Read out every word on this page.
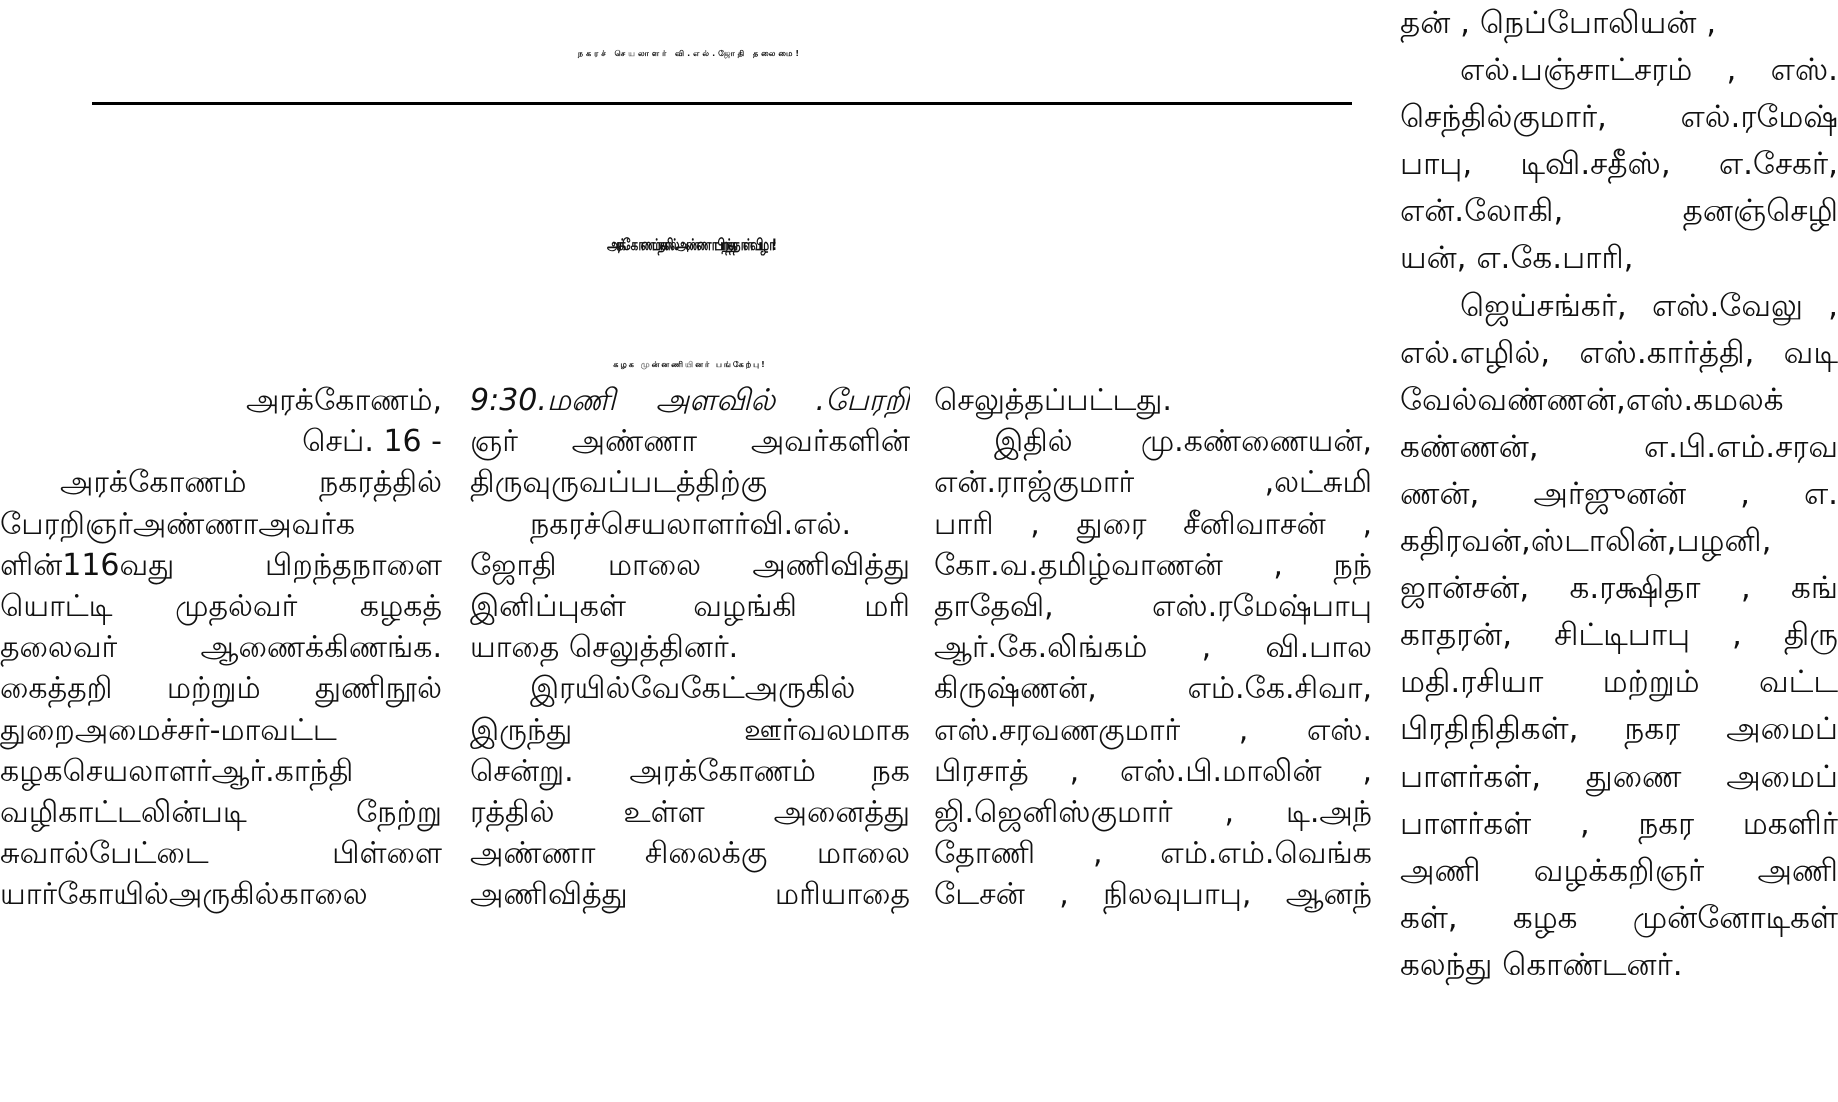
நகரச் செயலாளர் வி.எல்.ஜோதி தலைமை!
அரக்கோணம் நகரில் அண்ணா பிறந்த நாள் விழா!
கழக முன்னணியினர் பங்கேற்பு!
அரக்கோணம்,
செப். 16 -
அரக்கோணம் நகரத்தில்
பேரறிஞர்அண்ணாஅவர்க
ளின்116வது பிறந்தநாளை
யொட்டி முதல்வர் கழகத்
தலைவர் ஆணைக்கிணங்க.
கைத்தறி மற்றும் துணிநூல்
துறைஅமைச்சர்-மாவட்ட
கழகசெயலாளர்ஆர்.காந்தி
வழிகாட்டலின்படி நேற்று
சுவால்பேட்டை பிள்ளை
யார்கோயில்அருகில்காலை
9:30.மணி அளவில் .பேரறி
ஞர் அண்ணா அவர்களின்
திருவுருவப்படத்திற்கு
நகரச்செயலாளர்வி.எல்.
ஜோதி மாலை அணிவித்து
இனிப்புகள் வழங்கி மரி
யாதை செலுத்தினர்.
இரயில்வேகேட்அருகில்
இருந்து ஊர்வலமாக
சென்று. அரக்கோணம் நக
ரத்தில் உள்ள அனைத்து
அண்ணா சிலைக்கு மாலை
அணிவித்து மரியாதை
செலுத்தப்பட்டது.
இதில் மு.கண்ணையன்,
என்.ராஜ்குமார் ,லட்சுமி
பாரி , துரை சீனிவாசன் ,
கோ.வ.தமிழ்வாணன் , நந்
தாதேவி, எஸ்.ரமேஷ்பாபு
ஆர்.கே.லிங்கம் , வி.பால
கிருஷ்ணன், எம்.கே.சிவா,
எஸ்.சரவணகுமார் , எஸ்.
பிரசாத் , எஸ்.பி.மாலின் ,
ஜி.ஜெனிஸ்குமார் , டி.அந்
தோணி , எம்.எம்.வெங்க
டேசன் , நிலவுபாபு, ஆனந்
தன் , நெப்போலியன் ,
எல்.பஞ்சாட்சரம் , எஸ்.
செந்தில்குமார், எல்.ரமேஷ்
பாபு, டிவி.சதீஸ், எ.சேகர்,
என்.லோகி, தனஞ்செழி
யன், எ.கே.பாரி,
ஜெய்சங்கர், எஸ்.வேலு ,
எல்.எழில், எஸ்.கார்த்தி, வடி
வேல்வண்ணன்,எஸ்.கமலக்
கண்ணன், எ.பி.எம்.சரவ
ணன், அர்ஜுனன் , எ.
கதிரவன்,ஸ்டாலின்,பழனி,
ஜான்சன், க.ரக்ஷிதா , கங்
காதரன், சிட்டிபாபு , திரு
மதி.ரசியா மற்றும் வட்ட
பிரதிநிதிகள், நகர அமைப்
பாளர்கள், துணை அமைப்
பாளர்கள் , நகர மகளிர்
அணி வழக்கறிஞர் அணி
கள், கழக முன்னோடிகள்
கலந்து கொண்டனர்.
